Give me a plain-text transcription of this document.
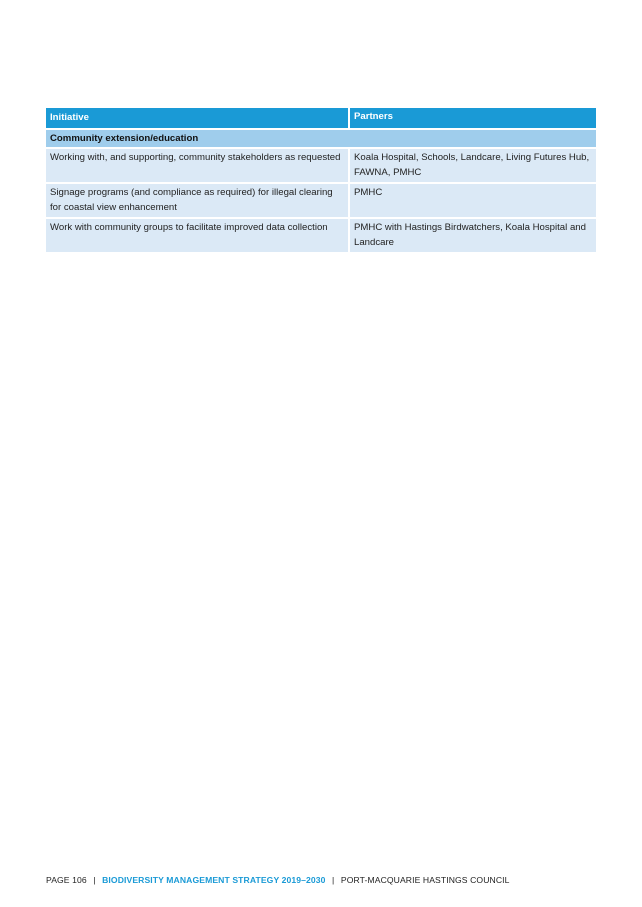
Initiative	Partners
Community extension/education	
Working with, and supporting, community stakeholders as requested	Koala Hospital, Schools, Landcare, Living Futures Hub, FAWNA, PMHC
Signage programs (and compliance as required) for illegal clearing for coastal view enhancement	PMHC
Work with community groups to facilitate improved data collection	PMHC with Hastings Birdwatchers, Koala Hospital and Landcare
PAGE 106 | BIODIVERSITY MANAGEMENT STRATEGY 2019–2030 | PORT-MACQUARIE HASTINGS COUNCIL
